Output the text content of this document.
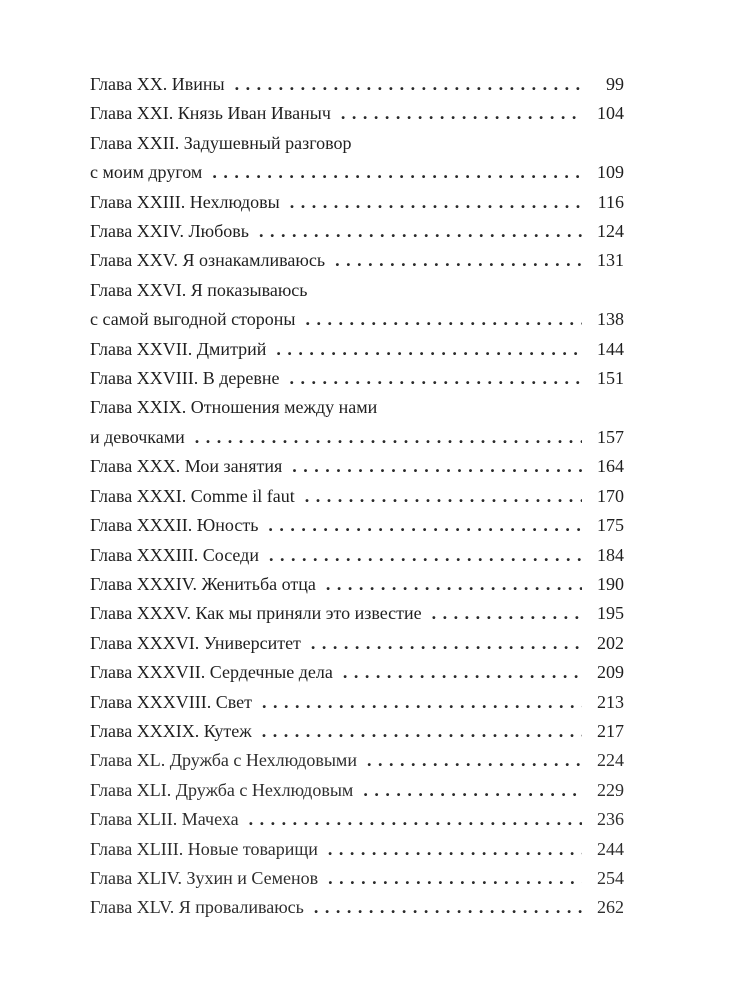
Глава XX. Ивины . . .	99
Глава XXI. Князь Иван Иваныч . . .	104
Глава XXII. Задушевный разговор
с моим другом . . .	109
Глава XXIII. Нехлюдовы . . .	116
Глава XXIV. Любовь . . .	124
Глава XXV. Я ознакамливаюсь . . .	131
Глава XXVI. Я показываюсь
с самой выгодной стороны . . .	138
Глава XXVII. Дмитрий . . .	144
Глава XXVIII. В деревне . . .	151
Глава XXIX. Отношения между нами
и девочками . . .	157
Глава XXX. Мои занятия . . .	164
Глава XXXI. Comme il faut . . .	170
Глава XXXII. Юность . . .	175
Глава XXXIII. Соседи . . .	184
Глава XXXIV. Женитьба отца . . .	190
Глава XXXV. Как мы приняли это известие . . .	195
Глава XXXVI. Университет . . .	202
Глава XXXVII. Сердечные дела . . .	209
Глава XXXVIII. Свет . . .	213
Глава XXXIX. Кутеж . . .	217
Глава XL. Дружба с Нехлюдовыми . . .	224
Глава XLI. Дружба с Нехлюдовым . . .	229
Глава XLII. Мачеха . . .	236
Глава XLIII. Новые товарищи . . .	244
Глава XLIV. Зухин и Семенов . . .	254
Глава XLV. Я проваливаюсь . . .	262
